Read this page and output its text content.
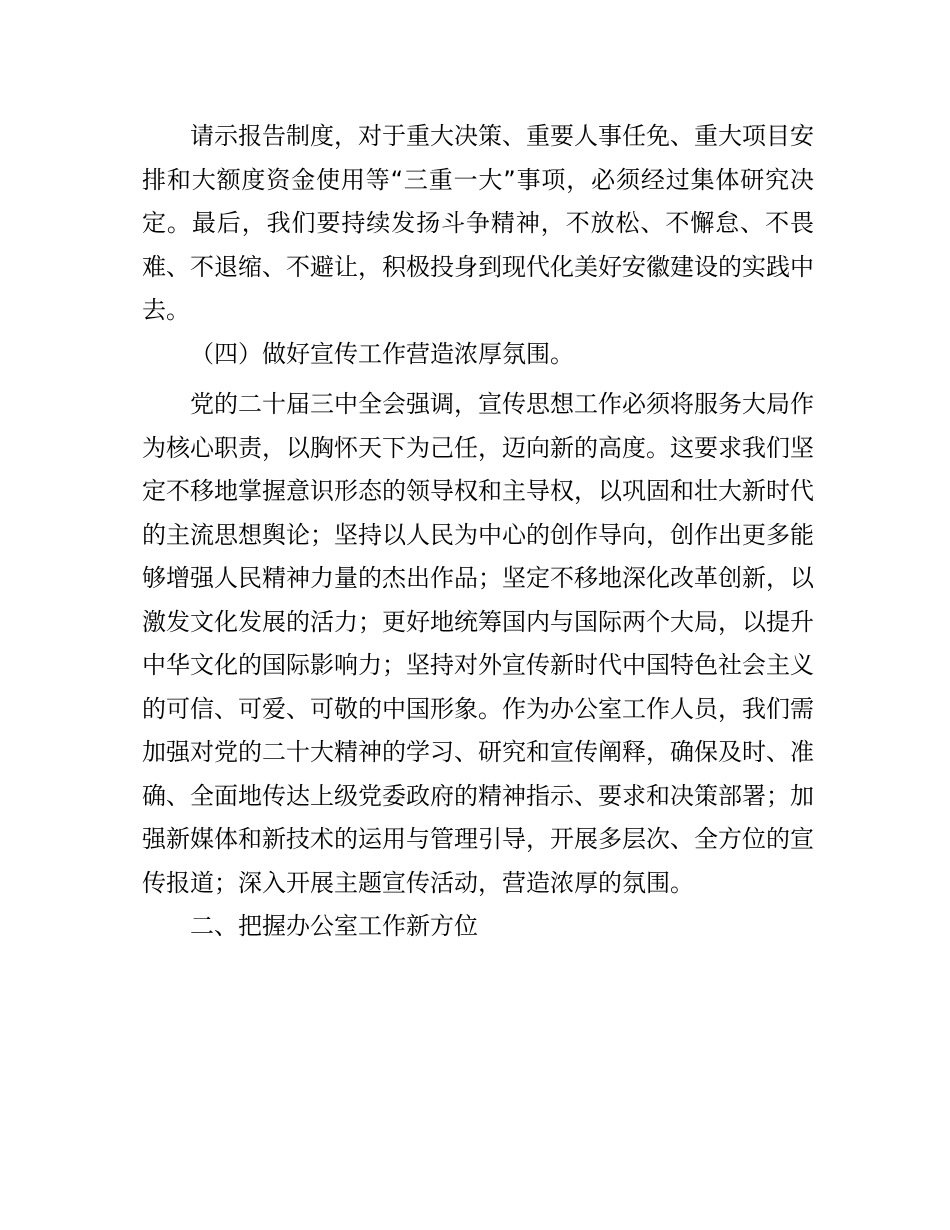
请示报告制度，对于重大决策、重要人事任免、重大项目安排和大额度资金使用等“三重一大”事项，必须经过集体研究决定。最后，我们要持续发扬斗争精神，不放松、不懈怠、不畏难、不退缩、不避让，积极投身到现代化美好安徽建设的实践中去。

（四）做好宣传工作营造浓厚氛围。

党的二十届三中全会强调，宣传思想工作必须将服务大局作为核心职责，以胸怀天下为己任，迈向新的高度。这要求我们坚定不移地掌握意识形态的领导权和主导权，以巩固和壮大新时代的主流思想舆论；坚持以人民为中心的创作导向，创作出更多能够增强人民精神力量的杰出作品；坚定不移地深化改革创新，以激发文化发展的活力；更好地统筹国内与国际两个大局，以提升中华文化的国际影响力；坚持对外宣传新时代中国特色社会主义的可信、可爱、可敬的中国形象。作为办公室工作人员，我们需加强对党的二十大精神的学习、研究和宣传阐释，确保及时、准确、全面地传达上级党委政府的精神指示、要求和决策部署；加强新媒体和新技术的运用与管理引导，开展多层次、全方位的宣传报道；深入开展主题宣传活动，营造浓厚的氛围。

二、把握办公室工作新方位
